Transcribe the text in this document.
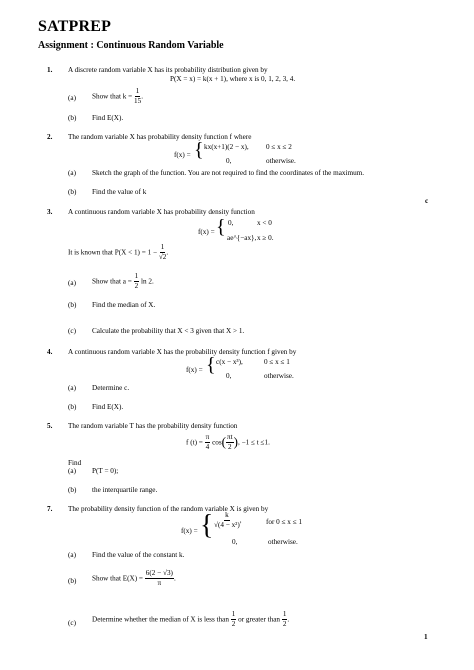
SATPREP
Assignment : Continuous Random Variable
1. A discrete random variable X has its probability distribution given by
P(X = x) = k(x + 1), where x is 0, 1, 2, 3, 4.
(a) Show that $k = \frac{1}{15}$ .
(b) Find E(X).
2. The random variable X has probability density function f where
f(x) = { kx(x+1)(2 − x), 0 ≤ x ≤ 2
0,	otherwise.
(a) Sketch the graph of the function. You are not required to find the coordinates of the maximum.
(b) Find the value of k
c
3. A continuous random variable X has probability density function
f(x) = { 0,	x < 0
ae^{−ax}, x ≥ 0.
It is known that $P(X < 1) = 1 - \frac{1}{√2}$ .
(a) Show that $a = \frac{1}{2}$ ln 2.
(b) Find the median of X.
(c) Calculate the probability that X < 3 given that X > 1.
4. A continuous random variable X has the probability density function f given by
f(x) = { c(x − x³),	0 ≤ x ≤ 1
0,	otherwise.
(a) Determine c.
(b) Find E(X).
5. The random variable T has the probability density function
f $(t) = \frac{\pi}{4} \cos( \frac{\pi t}{2}$ ), −1 ≤ t ≤1.
Find
(a) P(T = 0);
(b) the interquartile range.
7. The probability density function of the random variable X is given by
f(x) = { $\frac{k}{\text{√(4 − x²)}}$ ,	for 0 ≤ x ≤ 1
0,	otherwise.
(a) Find the value of the constant k.
(b) Show that $E(X) = \frac{6(2 - √3)}{\pi}$ .
(c) Determine whether the median of X is less than $\frac{1}{2}$ or greater than $\frac{1}{2}$ .
1
